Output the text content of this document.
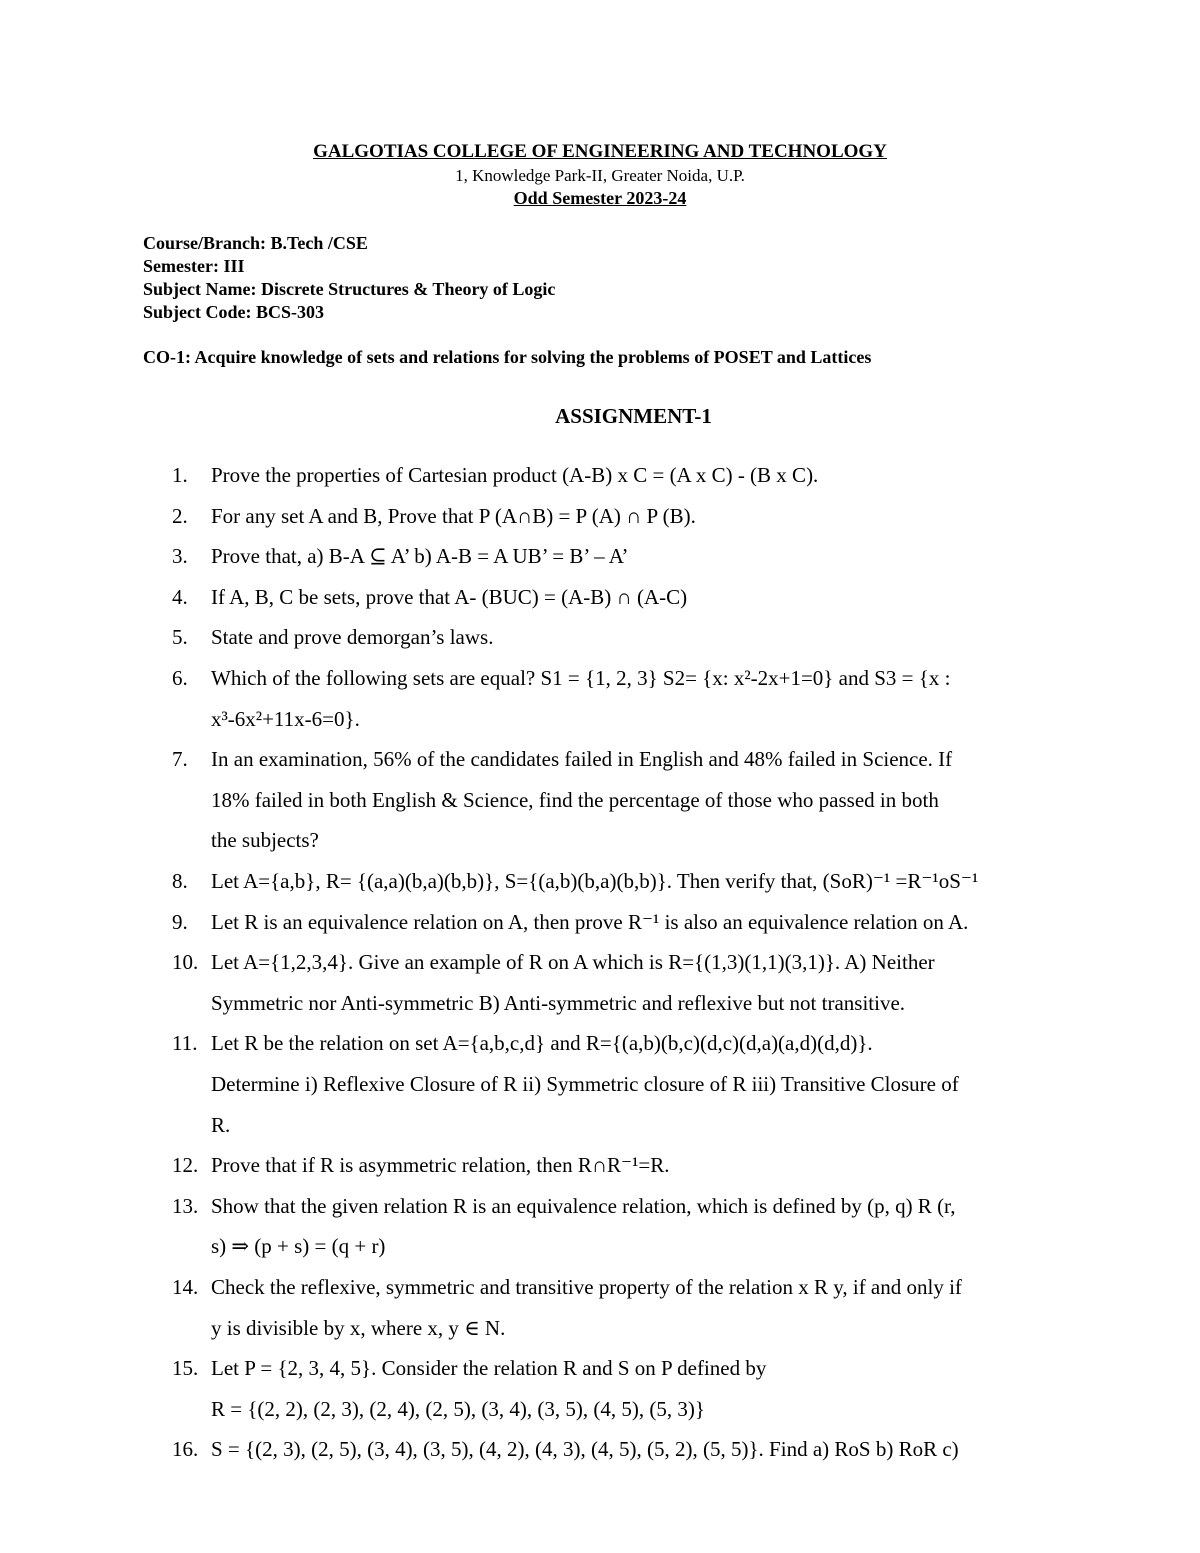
GALGOTIAS COLLEGE OF ENGINEERING AND TECHNOLOGY
1, Knowledge Park-II, Greater Noida, U.P.
Odd Semester 2023-24
Course/Branch: B.Tech /CSE
Semester: III
Subject Name: Discrete Structures & Theory of Logic
Subject Code: BCS-303
CO-1: Acquire knowledge of sets and relations for solving the problems of POSET and Lattices
ASSIGNMENT-1
1. Prove the properties of Cartesian product (A-B) x C = (A x C) - (B x C).
2. For any set A and B, Prove that P (A∩B) = P (A) ∩ P (B).
3. Prove that, a) B-A ⊆ A’ b) A-B = A UB’ = B’ – A’
4. If A, B, C be sets, prove that A- (BUC) = (A-B) ∩ (A-C)
5. State and prove demorgan’s laws.
6. Which of the following sets are equal? S1 = {1, 2, 3} S2= {x: x²-2x+1=0} and S3 = {x :
x³-6x²+11x-6=0}.
7. In an examination, 56% of the candidates failed in English and 48% failed in Science. If
18% failed in both English & Science, find the percentage of those who passed in both
the subjects?
8. Let A={a,b}, R= {(a,a)(b,a)(b,b)}, S={(a,b)(b,a)(b,b)}. Then verify that, (SoR)⁻¹ =R⁻¹oS⁻¹
9. Let R is an equivalence relation on A, then prove R⁻¹ is also an equivalence relation on A.
10. Let A={1,2,3,4}. Give an example of R on A which is R={(1,3)(1,1)(3,1)}. A) Neither
Symmetric nor Anti-symmetric B) Anti-symmetric and reflexive but not transitive.
11. Let R be the relation on set A={a,b,c,d} and R={(a,b)(b,c)(d,c)(d,a)(a,d)(d,d)}.
Determine i) Reflexive Closure of R ii) Symmetric closure of R iii) Transitive Closure of
R.
12. Prove that if R is asymmetric relation, then R∩R⁻¹=R.
13. Show that the given relation R is an equivalence relation, which is defined by (p, q) R (r,
s) ⇒ (p + s) = (q + r)
14. Check the reflexive, symmetric and transitive property of the relation x R y, if and only if
y is divisible by x, where x, y ∈ N.
15. Let P = {2, 3, 4, 5}. Consider the relation R and S on P defined by
R = {(2, 2), (2, 3), (2, 4), (2, 5), (3, 4), (3, 5), (4, 5), (5, 3)}
16. S = {(2, 3), (2, 5), (3, 4), (3, 5), (4, 2), (4, 3), (4, 5), (5, 2), (5, 5)}. Find a) RoS b) RoR c)
